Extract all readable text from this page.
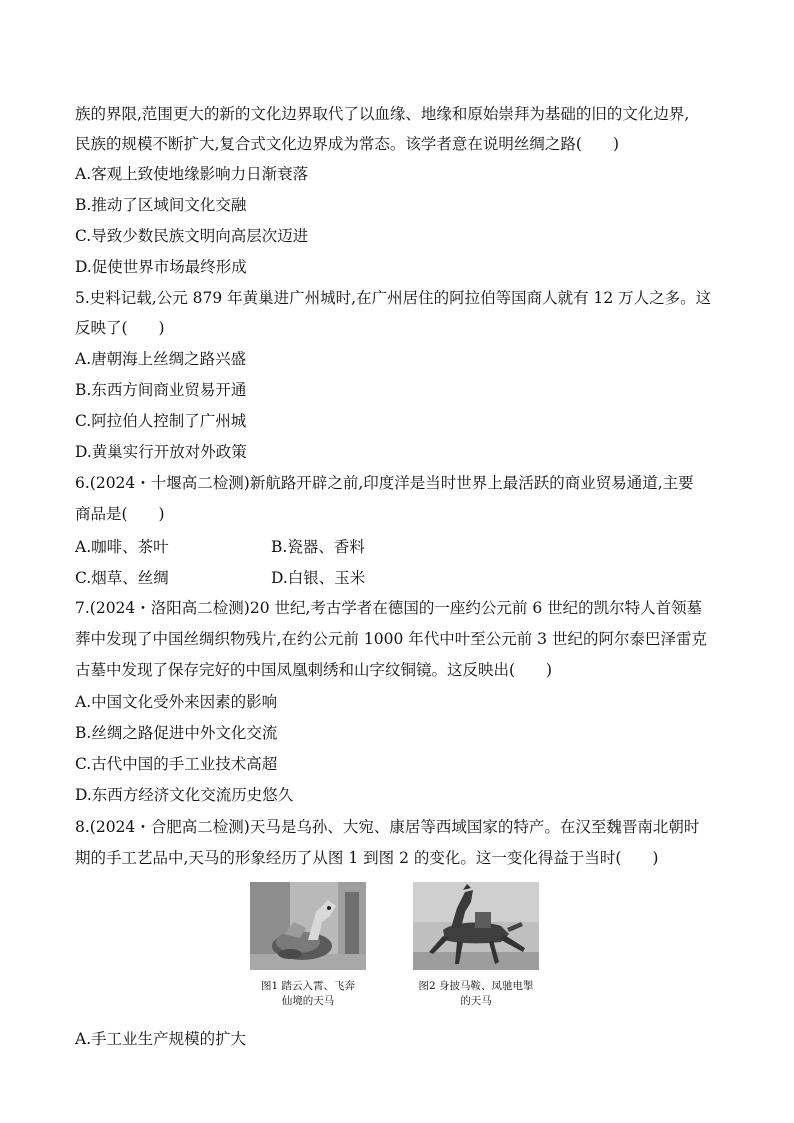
族的界限,范围更大的新的文化边界取代了以血缘、地缘和原始崇拜为基础的旧的文化边界,
民族的规模不断扩大,复合式文化边界成为常态。该学者意在说明丝绸之路(　　)
A.客观上致使地缘影响力日渐衰落
B.推动了区域间文化交融
C.导致少数民族文明向高层次迈进
D.促使世界市场最终形成
5.史料记载,公元 879 年黄巢进广州城时,在广州居住的阿拉伯等国商人就有 12 万人之多。这
反映了(　　)
A.唐朝海上丝绸之路兴盛
B.东西方间商业贸易开通
C.阿拉伯人控制了广州城
D.黄巢实行开放对外政策
6.(2024・十堰高二检测)新航路开辟之前,印度洋是当时世界上最活跃的商业贸易通道,主要
商品是(　　)
A.咖啡、茶叶	B.瓷器、香料
C.烟草、丝绸	D.白银、玉米
7.(2024・洛阳高二检测)20 世纪,考古学者在德国的一座约公元前 6 世纪的凯尔特人首领墓
葬中发现了中国丝绸织物残片,在约公元前 1000 年代中叶至公元前 3 世纪的阿尔泰巴泽雷克
古墓中发现了保存完好的中国凤凰刺绣和山字纹铜镜。这反映出(　　)
A.中国文化受外来因素的影响
B.丝绸之路促进中外文化交流
C.古代中国的手工业技术高超
D.东西方经济文化交流历史悠久
8.(2024・合肥高二检测)天马是乌孙、大宛、康居等西域国家的特产。在汉至魏晋南北朝时
期的手工艺品中,天马的形象经历了从图 1 到图 2 的变化。这一变化得益于当时(　　)
图1 踏云入霄、飞奔
仙境的天马
图2 身披马鞍、凤驰电掣
的天马
A.手工业生产规模的扩大
